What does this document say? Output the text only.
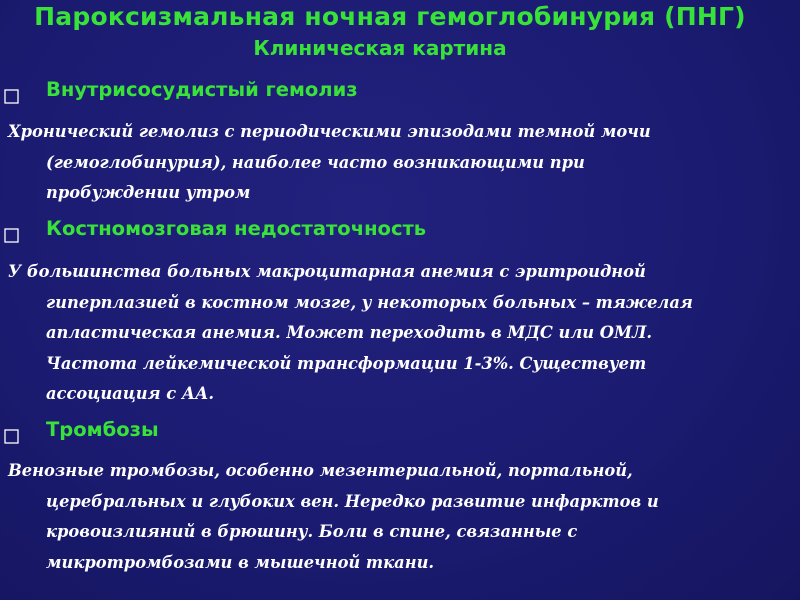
Пароксизмальная ночная гемоглобинурия (ПНГ)
Клиническая картина
Внутрисосудистый гемолиз
Хронический гемолиз с периодическими эпизодами темной мочи
(гемоглобинурия), наиболее часто возникающими при
пробуждении утром
Костномозговая недостаточность
У большинства больных макроцитарная анемия с эритроидной
гиперплазией в костном мозге, у некоторых больных – тяжелая
апластическая анемия. Может переходить в МДС или ОМЛ.
Частота лейкемической трансформации 1-3%. Существует
ассоциация с АА.
Тромбозы
Венозные тромбозы, особенно мезентериальной, портальной,
церебральных и глубоких вен. Нередко развитие инфарктов и
кровоизлияний в брюшину. Боли в спине, связанные с
микротромбозами в мышечной ткани.
